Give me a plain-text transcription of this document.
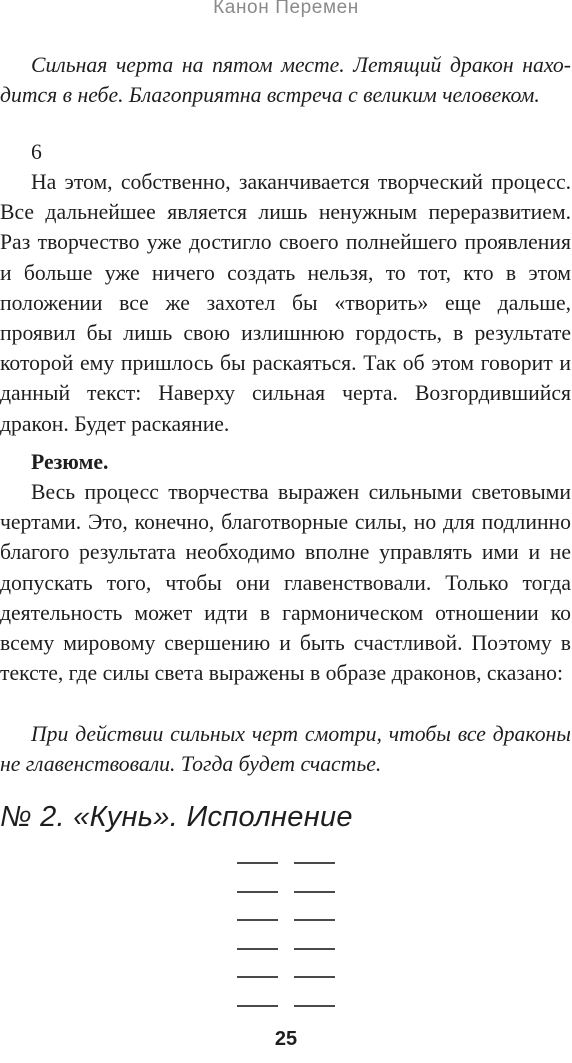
Канон Перемен

Сильная черта на пятом месте. Летящий дракон находится в небе. Благоприятна встреча с великим человеком.

6

На этом, собственно, заканчивается творческий процесс. Все дальнейшее является лишь ненужным переразвитием. Раз творчество уже достигло своего полнейшего проявления и больше уже ничего создать нельзя, то тот, кто в этом положении все же захотел бы «творить» еще дальше, проявил бы лишь свою излишнюю гордость, в результате которой ему пришлось бы раскаяться. Так об этом говорит и данный текст: Наверху сильная черта. Возгордившийся дракон. Будет раскаяние.

Резюме.

Весь процесс творчества выражен сильными световыми чертами. Это, конечно, благотворные силы, но для подлинно благого результата необходимо вполне управлять ими и не допускать того, чтобы они главенствовали. Только тогда деятельность может идти в гармоническом отношении ко всему мировому свершению и быть счастливой. Поэтому в тексте, где силы света выражены в образе драконов, сказано:

При действии сильных черт смотри, чтобы все драконы не главенствовали. Тогда будет счастье.

№ 2. «Кунь». Исполнение

25
